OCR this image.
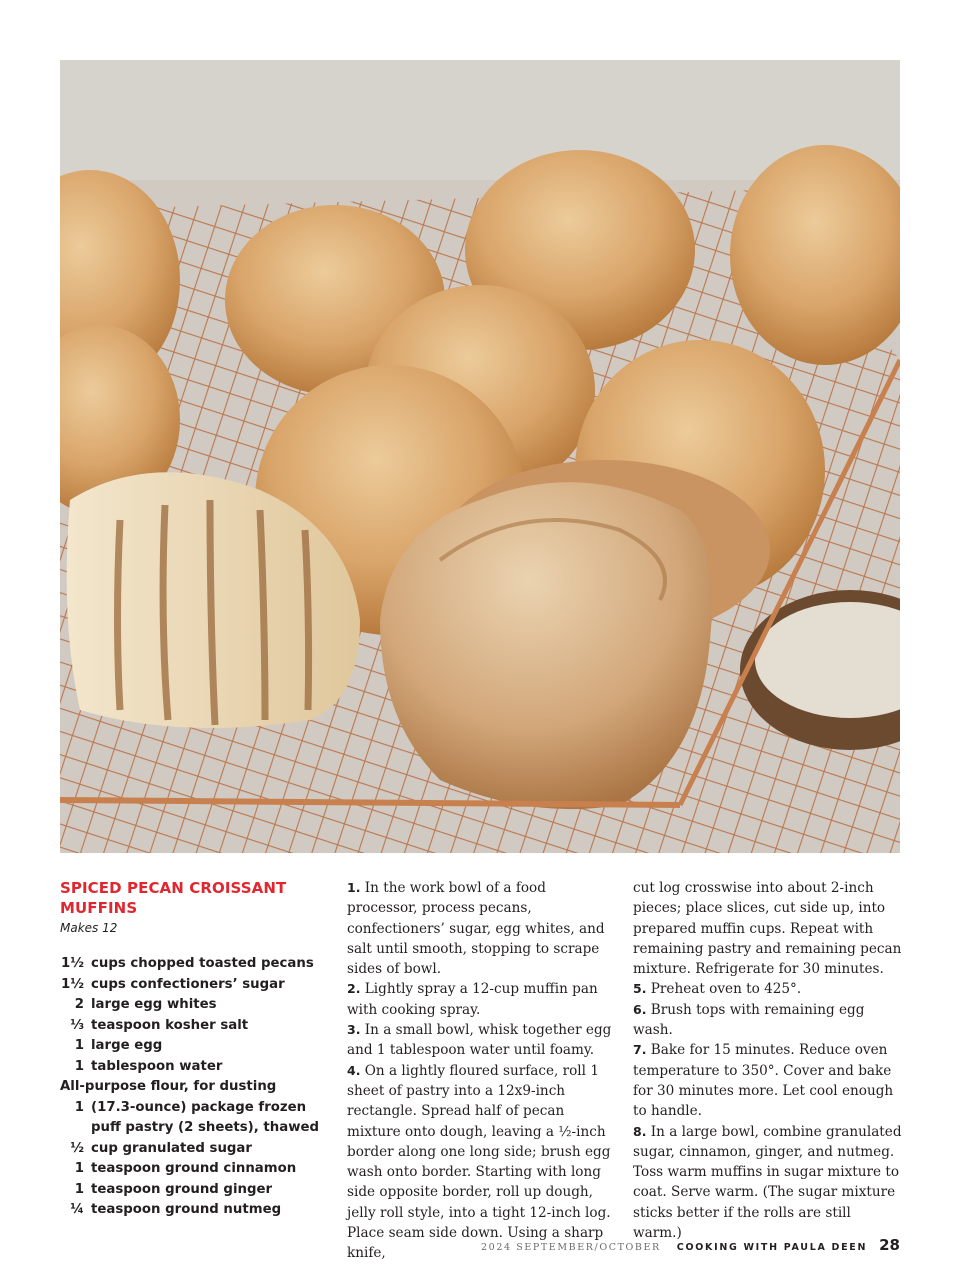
SPICED PECAN CROISSANT MUFFINS
Makes 12
1½ cups chopped toasted pecans
1½ cups confectioners’ sugar
2 large egg whites
⅓ teaspoon kosher salt
1 large egg
1 tablespoon water
All-purpose flour, for dusting
1 (17.3-ounce) package frozen puff pastry (2 sheets), thawed
½ cup granulated sugar
1 teaspoon ground cinnamon
1 teaspoon ground ginger
¼ teaspoon ground nutmeg

1. In the work bowl of a food processor, process pecans, confectioners’ sugar, egg whites, and salt until smooth, stopping to scrape sides of bowl.

2. Lightly spray a 12-cup muffin pan with cooking spray.

3. In a small bowl, whisk together egg and 1 tablespoon water until foamy.

4. On a lightly floured surface, roll 1 sheet of pastry into a 12x9-inch rectangle. Spread half of pecan mixture onto dough, leaving a ½-inch border along one long side; brush egg wash onto border. Starting with long side opposite border, roll up dough, jelly roll style, into a tight 12-inch log. Place seam side down. Using a sharp knife,

cut log crosswise into about 2-inch pieces; place slices, cut side up, into prepared muffin cups. Repeat with remaining pastry and remaining pecan mixture. Refrigerate for 30 minutes.

5. Preheat oven to 425°.

6. Brush tops with remaining egg wash.

7. Bake for 15 minutes. Reduce oven temperature to 350°. Cover and bake for 30 minutes more. Let cool enough to handle.

8. In a large bowl, combine granulated sugar, cinnamon, ginger, and nutmeg. Toss warm muffins in sugar mixture to coat. Serve warm. (The sugar mixture sticks better if the rolls are still warm.)

2024 SEPTEMBER/OCTOBER COOKING WITH PAULA DEEN 28
